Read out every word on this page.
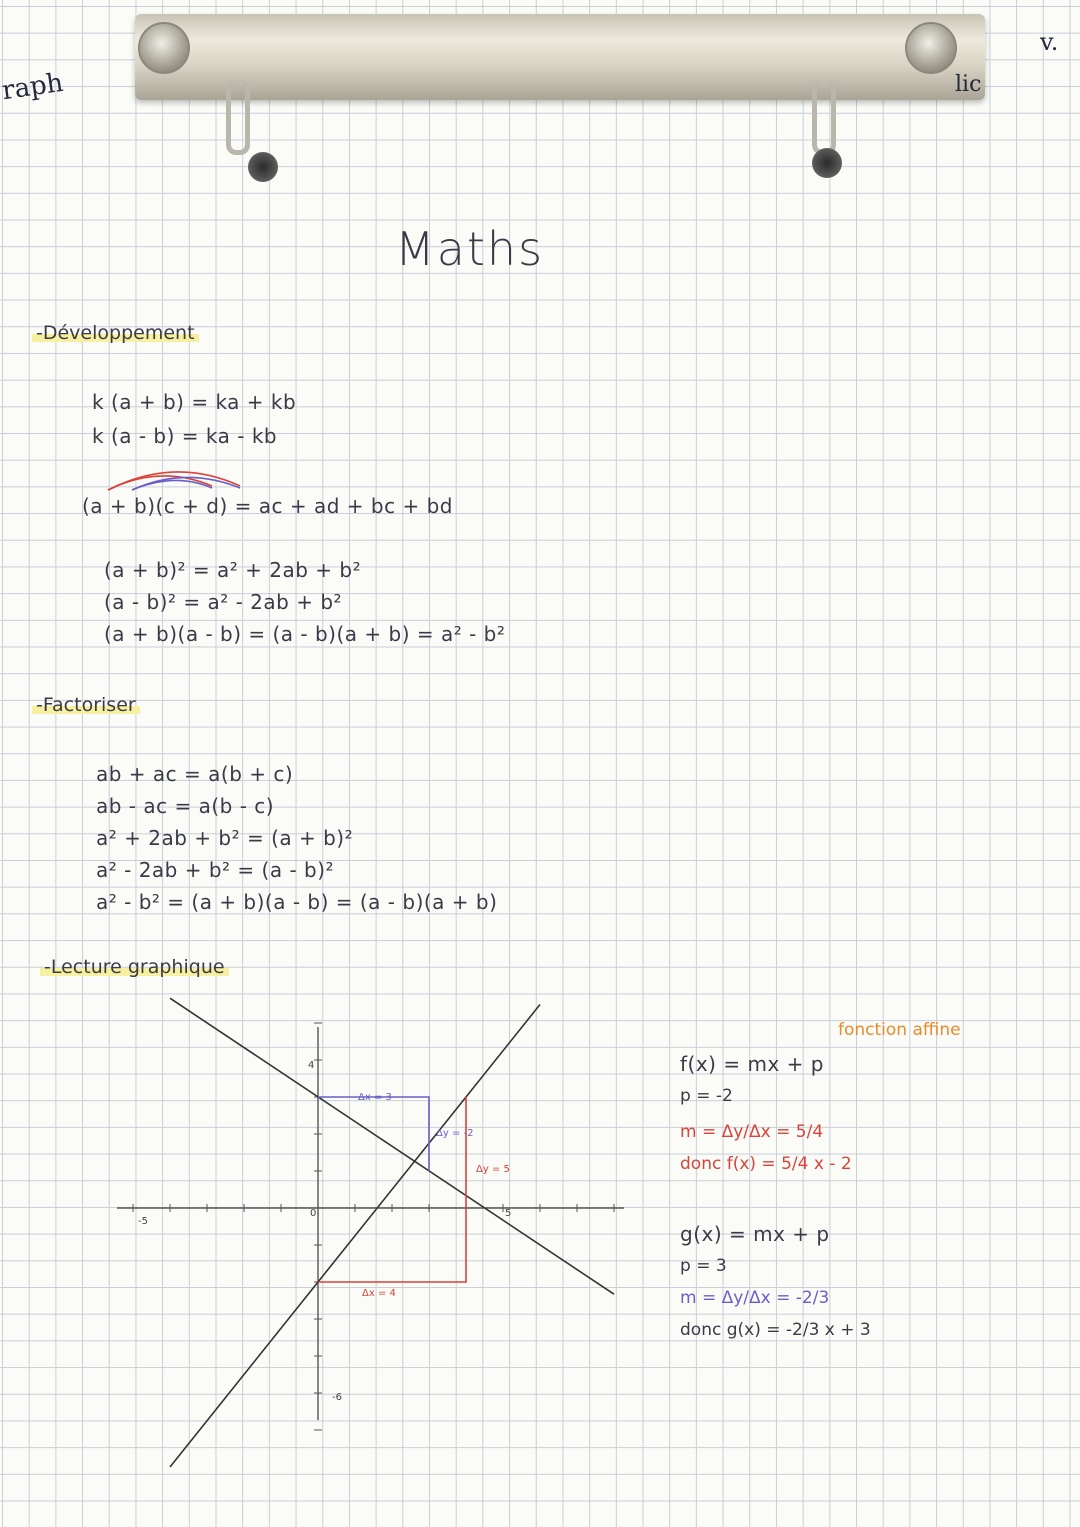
raph	lic
v.
Maths
-Développement
k (a + b) = ka + kb
k (a - b) = ka - kb
(a + b)(c + d) = ac + ad + bc + bd
(a + b)² = a² + 2ab + b²
(a - b)² = a² - 2ab + b²
(a + b)(a - b) = (a - b)(a + b) = a² - b²
-Factoriser
ab + ac = a(b + c)
ab - ac = a(b - c)
a² + 2ab + b² = (a + b)²
a² - 2ab + b² = (a - b)²
a² - b² = (a + b)(a - b) = (a - b)(a + b)
-Lecture graphique
4
-6
-5
0	5
Δx = 3
Δy = -2
Δx = 4
Δy = 5
fonction affine
f(x) = mx + p
p = -2
m = Δy/Δx = 5/4
donc f(x) = 5/4 x - 2
g(x) = mx + p
p = 3
m = Δy/Δx = -2/3
donc g(x) = -2/3 x + 3
